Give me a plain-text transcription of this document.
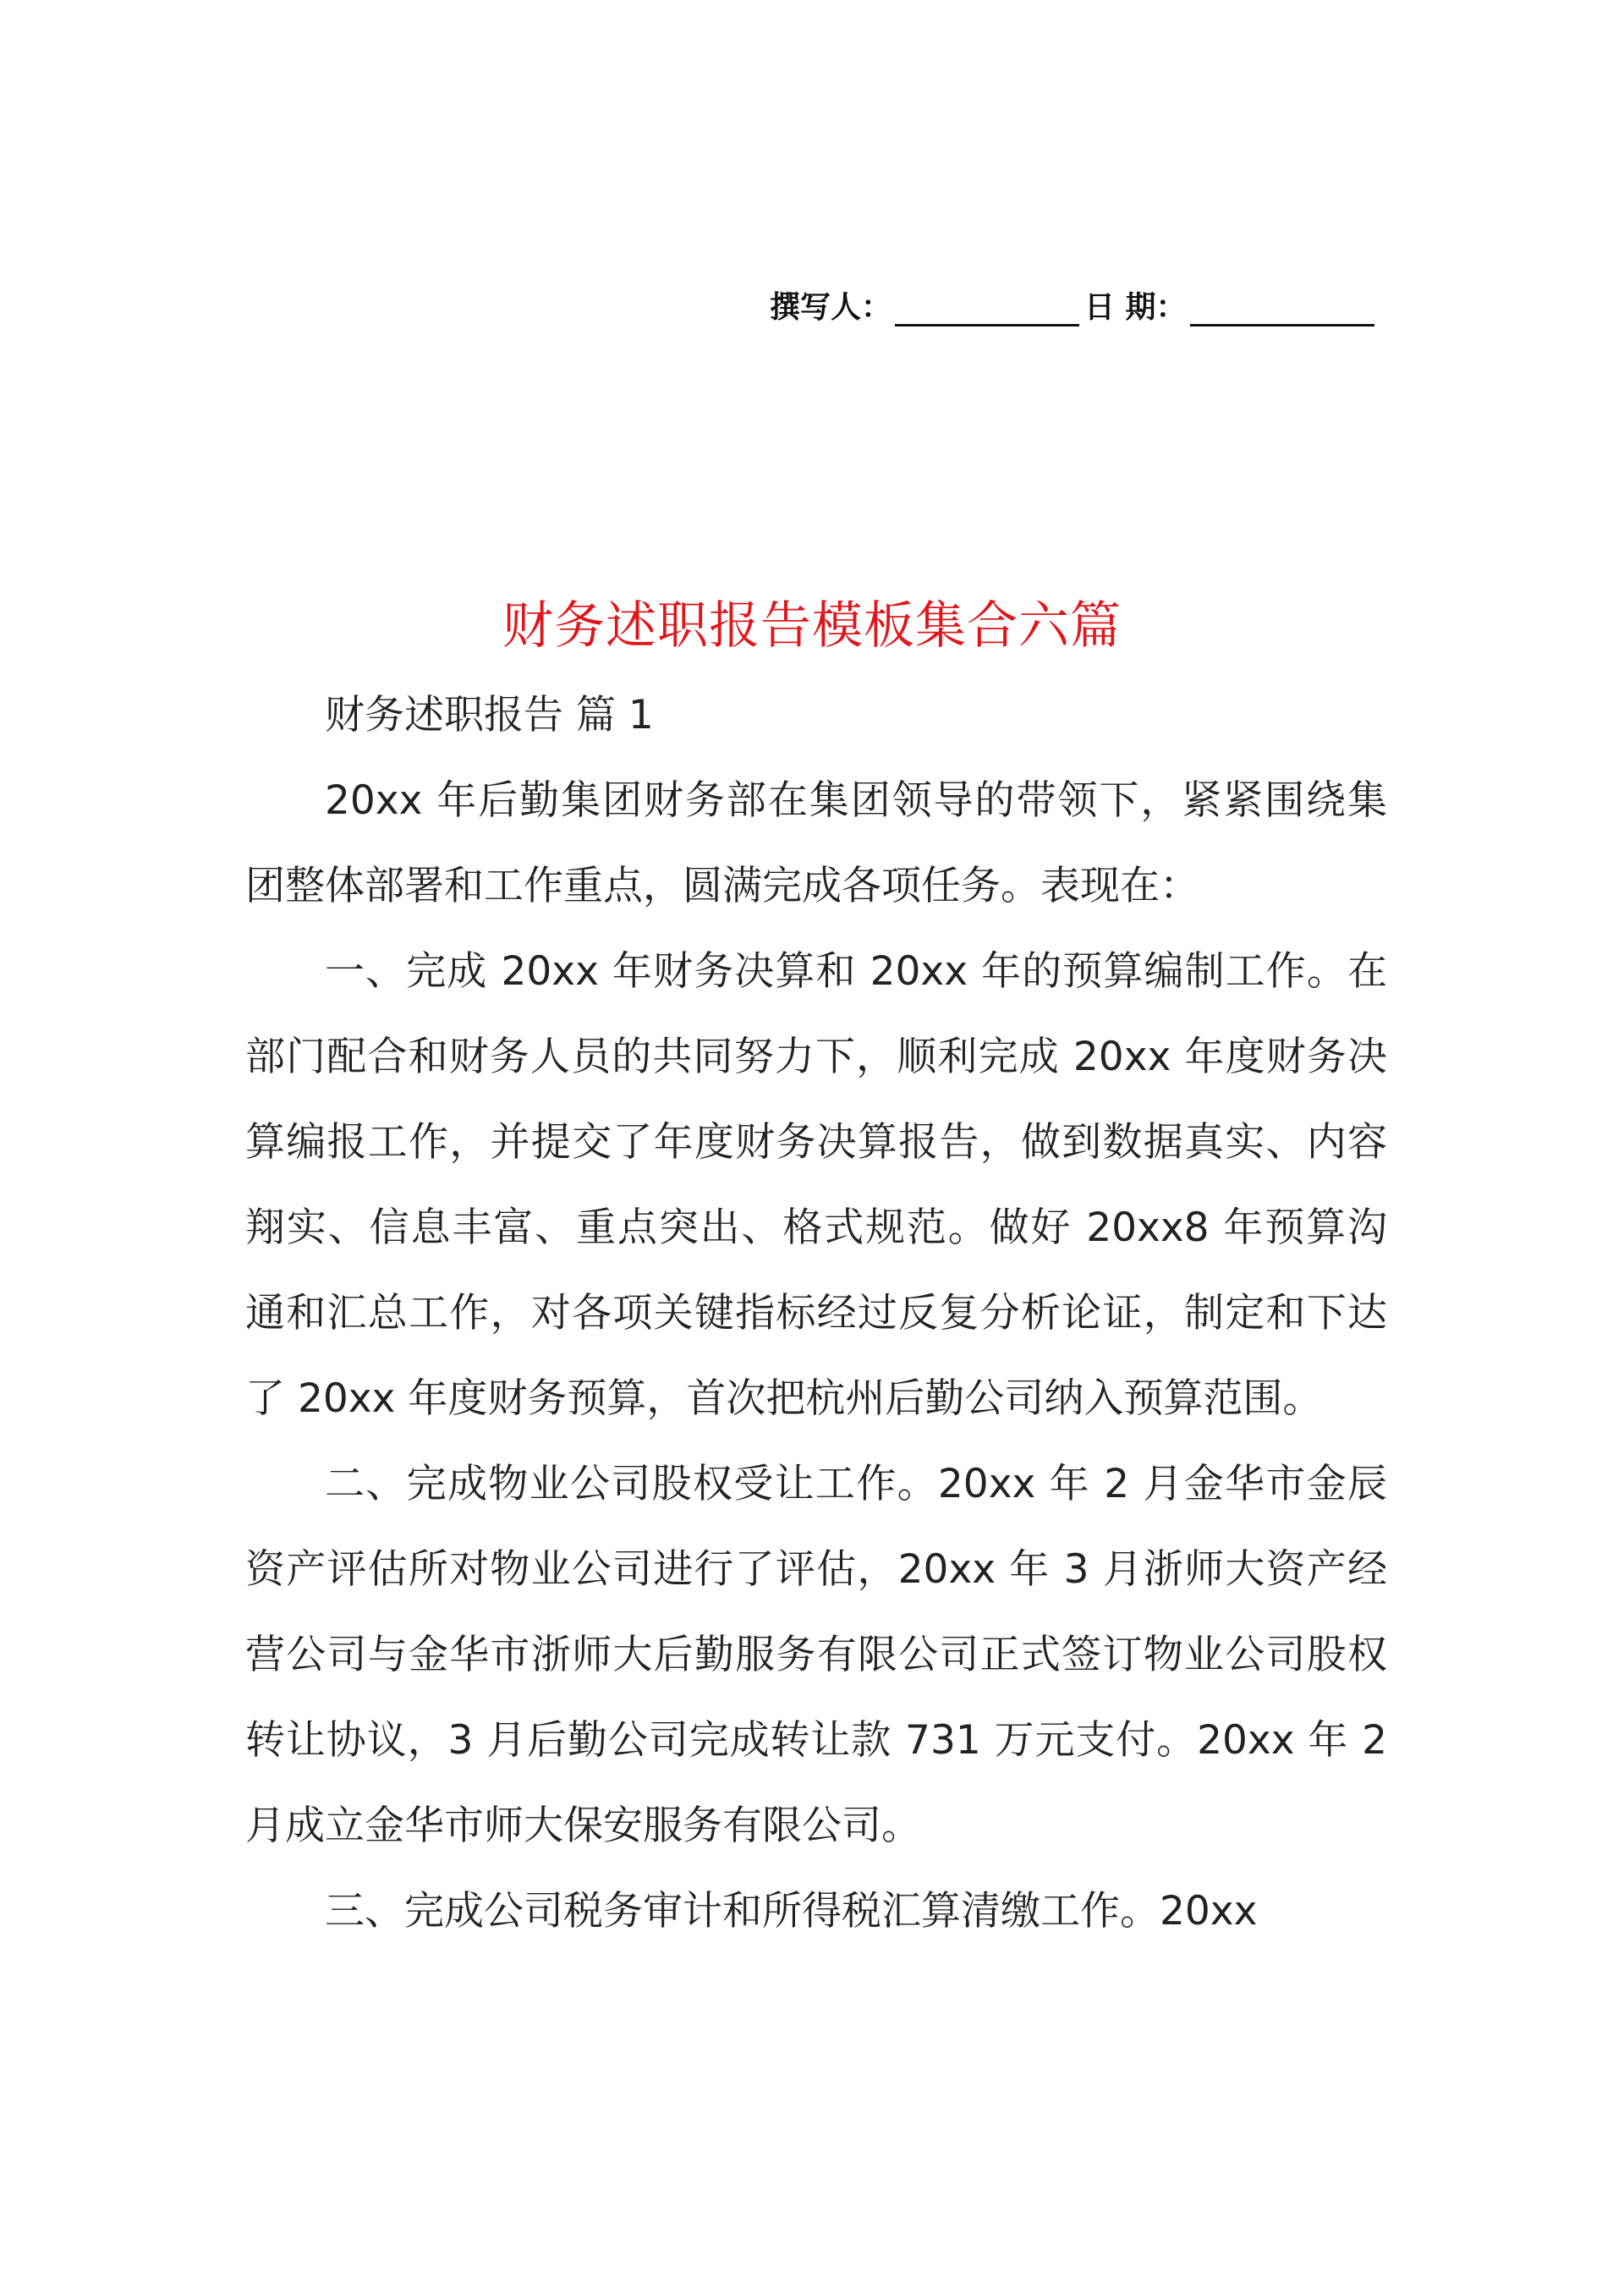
撰写人：	日 期：
财务述职报告模板集合六篇

财务述职报告 篇 1

20xx 年后勤集团财务部在集团领导的带领下，紧紧围绕集团整体部署和工作重点，圆满完成各项任务。表现在：

一、完成 20xx 年财务决算和 20xx 年的预算编制工作。在部门配合和财务人员的共同努力下，顺利完成 20xx 年度财务决算编报工作，并提交了年度财务决算报告，做到数据真实、内容翔实、信息丰富、重点突出、格式规范。做好 20xx8 年预算沟通和汇总工作，对各项关键指标经过反复分析论证，制定和下达了 20xx 年度财务预算，首次把杭州后勤公司纳入预算范围。

二、完成物业公司股权受让工作。20xx 年 2 月金华市金辰资产评估所对物业公司进行了评估，20xx 年 3 月浙师大资产经营公司与金华市浙师大后勤服务有限公司正式签订物业公司股权转让协议，3 月后勤公司完成转让款 731 万元支付。20xx 年 2 月成立金华市师大保安服务有限公司。

三、完成公司税务审计和所得税汇算清缴工作。20xx
